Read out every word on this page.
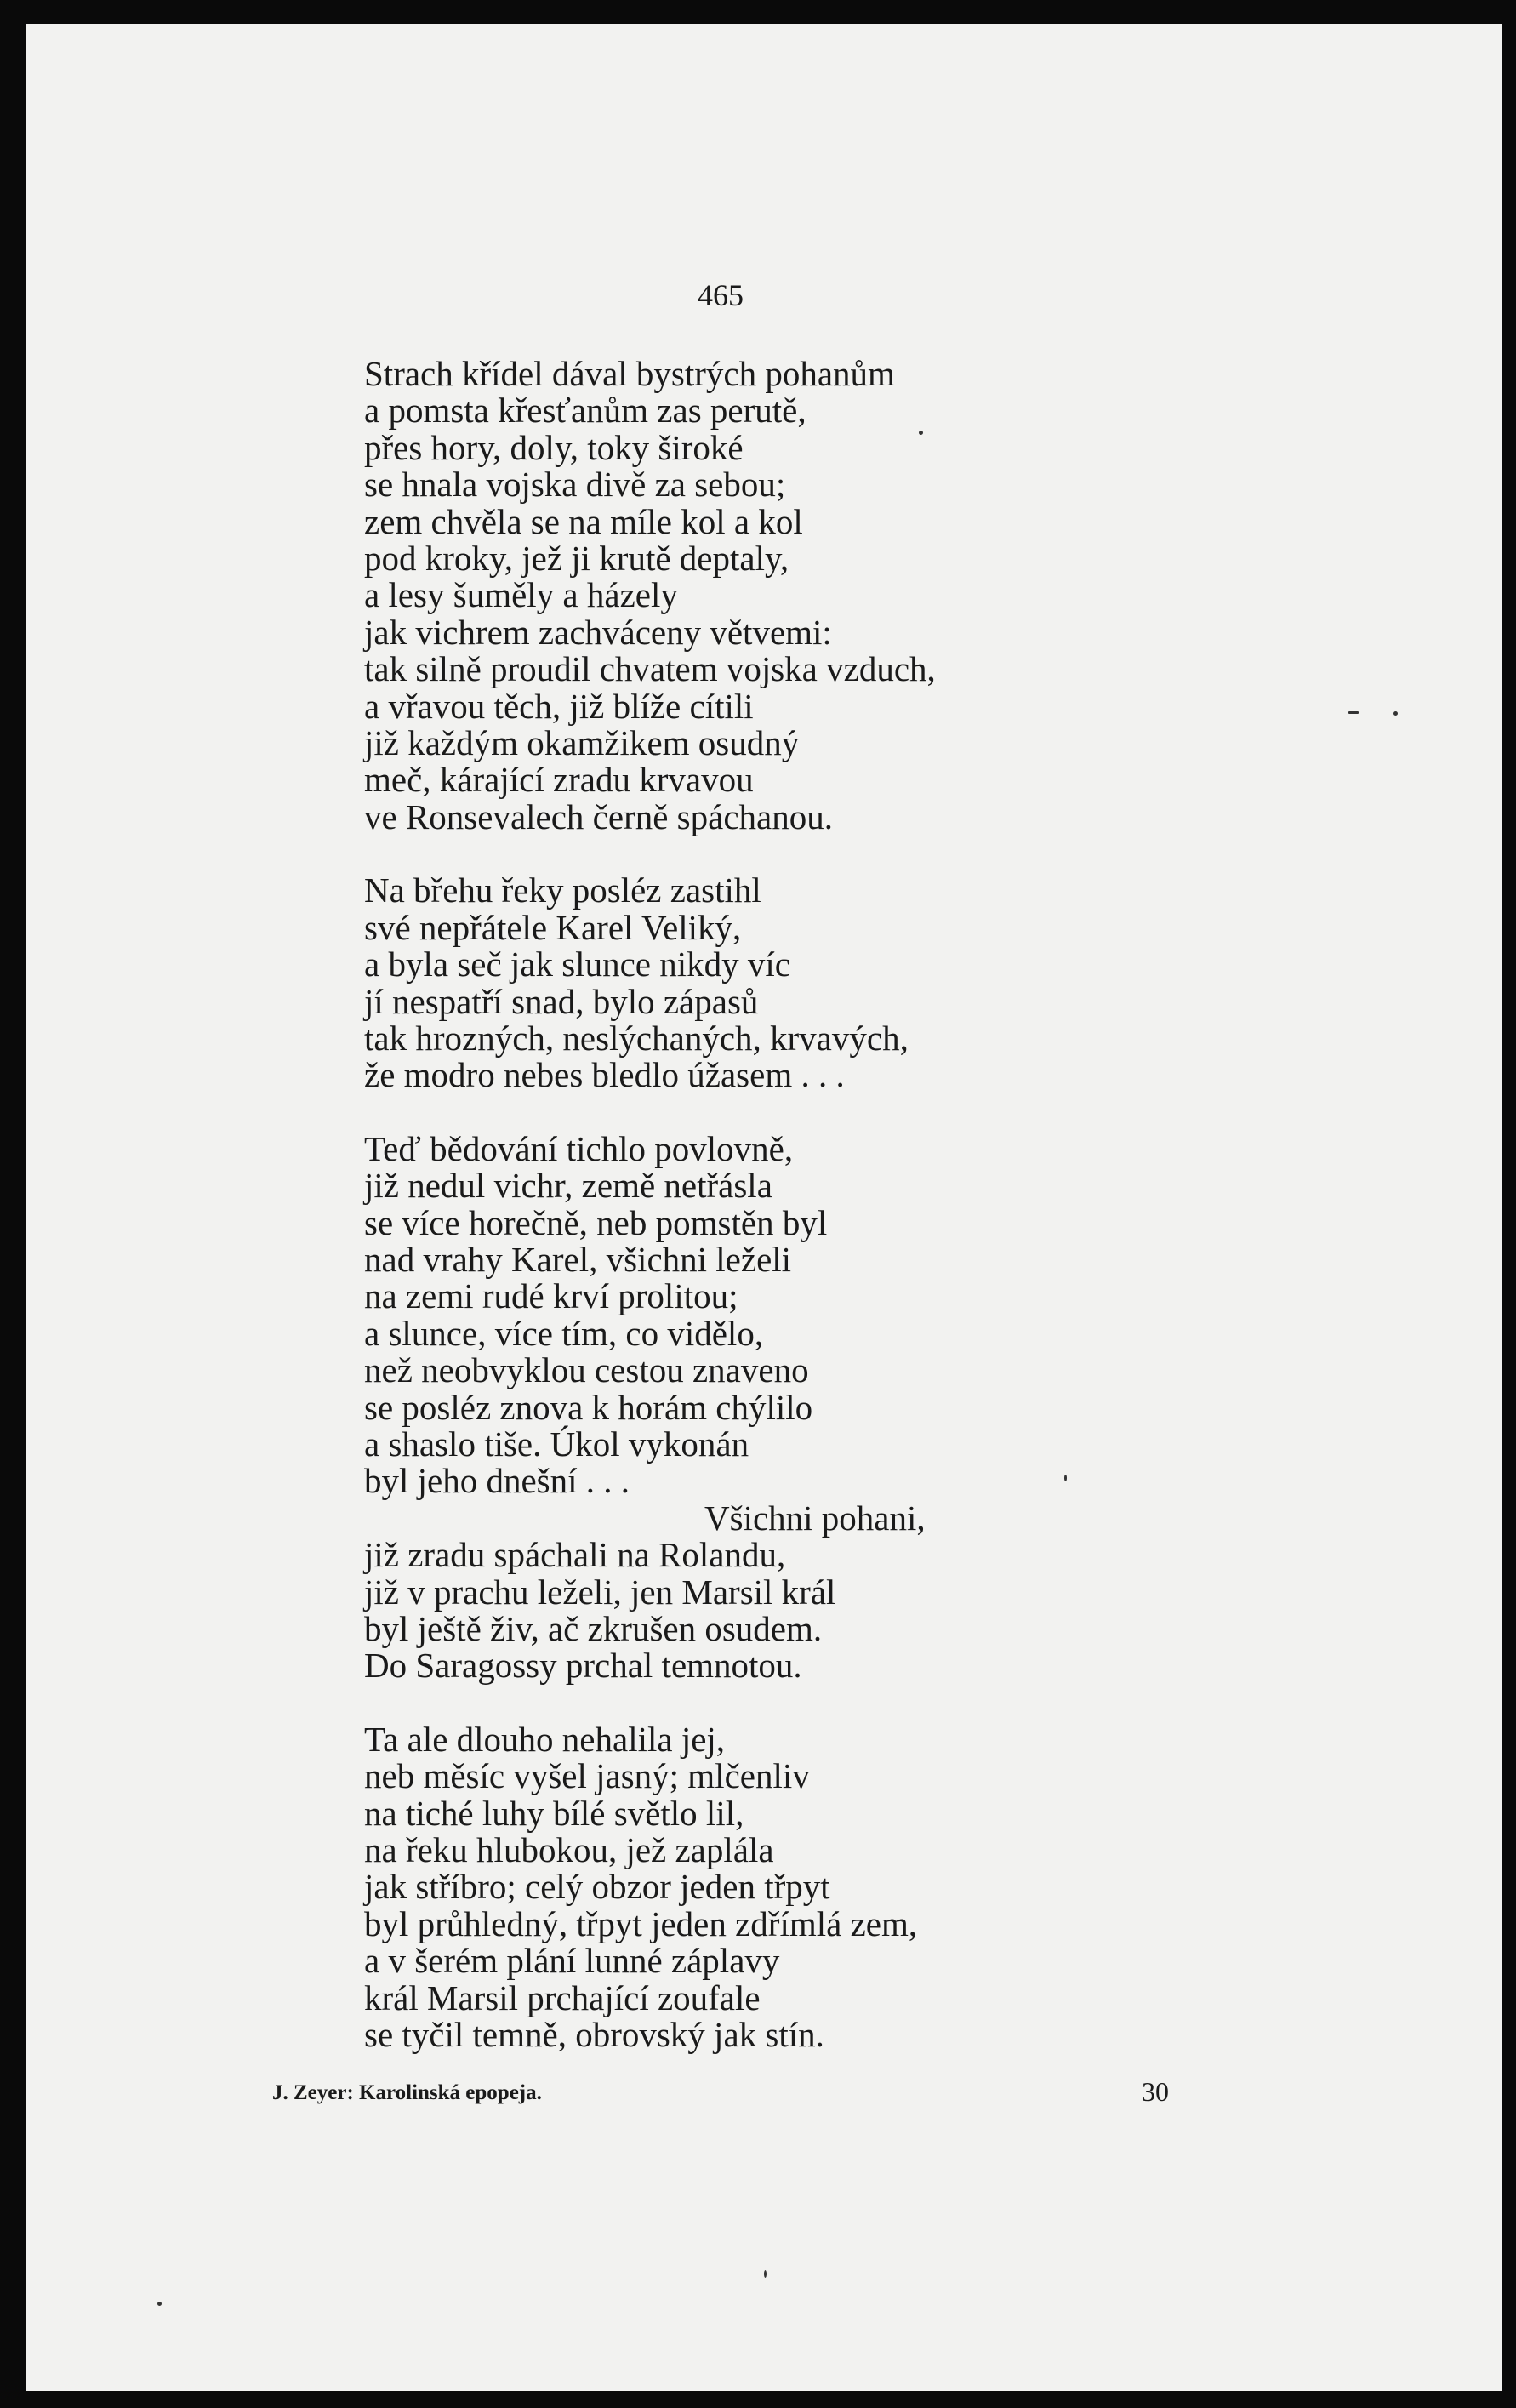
465

Strach křídel dával bystrých pohanům
a pomsta křesťanům zas perutě,
přes hory, doly, toky široké
se hnala vojska divě za sebou;
zem chvěla se na míle kol a kol
pod kroky, jež ji krutě deptaly,
a lesy šuměly a házely
jak vichrem zachváceny větvemi:
tak silně proudil chvatem vojska vzduch,
a vřavou těch, již blíže cítili
již každým okamžikem osudný
meč, kárající zradu krvavou
ve Ronsevalech černě spáchanou.
Na břehu řeky posléz zastihl
své nepřátele Karel Veliký,
a byla seč jak slunce nikdy víc
jí nespatří snad, bylo zápasů
tak hrozných, neslýchaných, krvavých,
že modro nebes bledlo úžasem . . .
Teď bědování tichlo povlovně,
již nedul vichr, země netřásla
se více horečně, neb pomstěn byl
nad vrahy Karel, všichni leželi
na zemi rudé krví prolitou;
a slunce, více tím, co vidělo,
než neobvyklou cestou znaveno
se posléz znova k horám chýlilo
a shaslo tiše. Úkol vykonán
byl jeho dnešní . . .
Všichni pohani,
již zradu spáchali na Rolandu,
již v prachu leželi, jen Marsil král
byl ještě živ, ač zkrušen osudem.
Do Saragossy prchal temnotou.
Ta ale dlouho nehalila jej,
neb měsíc vyšel jasný; mlčenliv
na tiché luhy bílé světlo lil,
na řeku hlubokou, jež zaplála
jak stříbro; celý obzor jeden třpyt
byl průhledný, třpyt jeden zdřímlá zem,
a v šerém plání lunné záplavy
král Marsil prchající zoufale
se tyčil temně, obrovský jak stín.

J. Zeyer: Karolinská epopeja.	30
